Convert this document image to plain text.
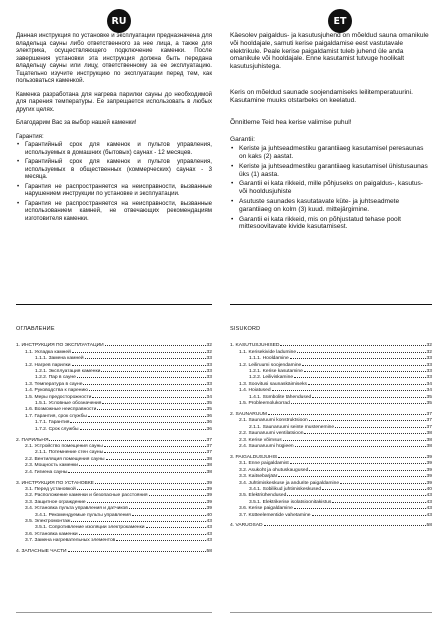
RU	ET

Данная инструкция по установке и эксплуатации предназначена для владельца сауны либо ответственного за нее лица, а также для электрика, осуществляющего подключение каменки. После завершения установки эта инструкция должна быть передана владельцу сауны или лицу, ответственному за ее эксплуатацию. Тщательно изучите инструкцию по эксплуатации перед тем, как пользоваться каменкой.

Каменка разработана для нагрева парилки сауны до необходимой для парения температуры. Ее запрещается использовать в любых других целях.

Благодарим Вас за выбор нашей каменки!

Гарантия:
• Гарантийный срок для каменок и пультов управления, используемых в домашних (бытовых) саунах - 12 месяцев.
• Гарантийный срок для каменок и пультов управления, используемых в общественных (коммерческих) саунах - 3 месяца.
• Гарантия не распространяется на неисправности, вызванные нарушением инструкции по установке и эксплуатации.
• Гарантия не распространяется на неисправности, вызванные использованием камней, не отвечающих рекомендациям изготовителя каменки.

Käesolev paigaldus- ja kasutusjuhend on mõeldud sauna omanikule või hooldajale, samuti kerise paigaldamise eest vastutavale elektrikule. Peale kerise paigaldamist tuleb juhend üle anda omanikule või hooldajale. Enne kasutamist tutvuge hoolikalt kasutusjuhistega.

Keris on mõeldud saunade soojendamiseks leilitemperatuurini. Kasutamine muuks otstarbeks on keelatud.

Õnnitleme Teid hea kerise valimise puhul!

Garantii:
• Keriste ja juhtseadmestiku garantiiaeg kasutamisel peresaunas on kaks (2) aastat.
• Keriste ja juhtseadmestiku garantiiaeg kasutamisel ühistusaunas üks (1) aasta.
• Garantii ei kata rikkeid, mille põhjuseks on paigaldus-, kasutus- või hooldusjuhiste
• Asutuste saunades kasutatavate küte- ja juhtseadmete garantiiaeg on kolm (3) kuud. mittejärgimine.
• Garantii ei kata rikkeid, mis on põhjustatud tehase poolt mittesoovitavate kivide kasutamisest.
ОГЛАВЛЕНИЕ
1. ИНСТРУКЦИЯ ПО ЭКСПЛУАТАЦИИ	32
1.1. Укладка камней	32
1.1.1. Замена камней	33
1.2. Нагрев парилки	33
1.2.1. Эксплуатация каменки	33
1.2.2. Пар в сауне	33
1.3. Температура в сауне	33
1.4. Руководства к парению	34
1.5. Меры предосторожности	34
1.5.1. Условные обозначения	35
1.6. Возможные неисправности	35
1.7. Гарантия, срок службы	36
1.7.1. Гарантия	36
1.7.2. Срок службы	36
2. ПАРИЛЬНЯ	37
2.1. Устройство помещения сауны	37
2.1.1. Потемнение стен сауны	37
2.2. Вентиляция помещения сауны	38
2.3. Мощность каменки	38
2.4. Гигиена сауны	38
3. ИНСТРУКЦИЯ ПО УСТАНОВКЕ	39
3.1. Перед установкой	39
3.2. Расположение каменки и безопасные расстояния	39
3.3. Защитное ограждение	39
3.4. Установка пульта управления и датчиков	39
3.4.1. Рекомендуемые пульты управления	40
3.5. Электромонтаж	43
3.5.1. Сопротивление изоляции электрокаменки	43
3.6. Установка каменки	43
3.7. Замена нагревательных элементов	43
4. ЗАПАСНЫЕ ЧАСТИ	58
SISUKORD
1. KASUTUSJUHISED	32
1.1. Kerisekivide ladumine	32
1.1.1. Hooldamine	33
1.2. Leiliruumi soojendamine	33
1.2.1. Kerise kasutamine	33
1.2.2. Leiliviskamine	33
1.3. Soovitusi saunaskäimiseks	34
1.4. Hoiatused	34
1.4.1. Sümbolite tähendused	35
1.5. Probleemolukorrad	35
2. SAUNARUUM	37
2.1. Saunaruumi konstruktsioon	37
2.1.1. Saunaruumi seinte mustenemine	37
2.2. Saunaruumi ventilatsioon	38
2.3. Kerise võimsus	38
2.4. Saunaruumi hügieen	38
3. PAIGALDUSJUHIS	39
3.1. Enne paigaldamist	39
3.2. Asukoht ja ohutuskaugused	39
3.3. Kaitsebarjäär	39
3.4. Juhtimiskeskuse ja andurite paigaldamine	39
3.4.1. Sobilikud juhtimiskeskused	40
3.5. Elektriühendused	43
3.5.1. Elektrikerise isolatsioonitakistus	43
3.6. Kerise paigaldamine	43
3.7. Kütteelementide vahetamine	43
4. VARUOSAD	58
